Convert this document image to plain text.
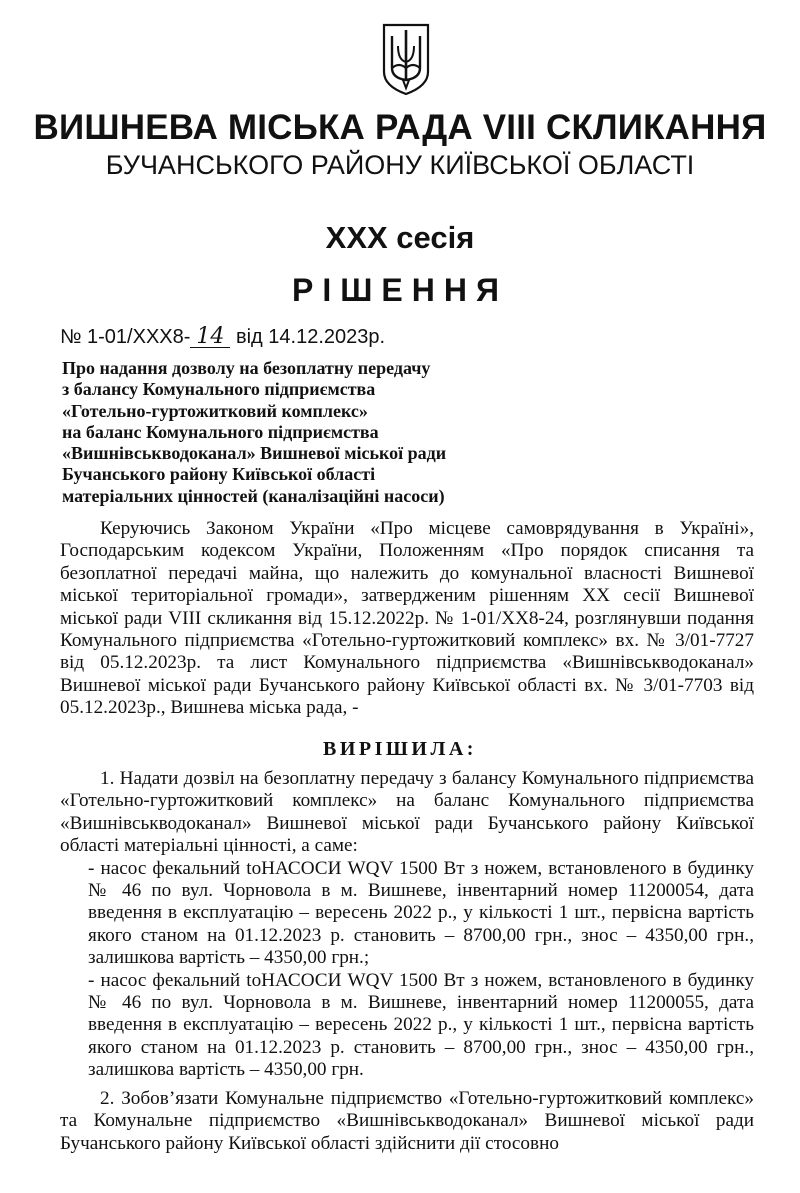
ВИШНЕВА МІСЬКА РАДА VIII СКЛИКАННЯ
БУЧАНСЬКОГО РАЙОНУ КИЇВСЬКОЇ ОБЛАСТІ
XXX сесія
РІШЕННЯ
№ 1-01/XXX8- 14 від 14.12.2023р.
Про надання дозволу на безоплатну передачу
з балансу Комунального підприємства
«Готельно-гуртожитковий комплекс»
на баланс Комунального підприємства
«Вишнівськводоканал» Вишневої міської ради
Бучанського району Київської області
матеріальних цінностей (каналізаційні насоси)

Керуючись Законом України «Про місцеве самоврядування в Україні», Господарським кодексом України, Положенням «Про порядок списання та безоплатної передачі майна, що належить до комунальної власності Вишневої міської територіальної громади», затвердженим рішенням XX сесії Вишневої міської ради VIII скликання від 15.12.2022р. № 1-01/XX8-24, розглянувши подання Комунального підприємства «Готельно-гуртожитковий комплекс» вх. № 3/01-7727 від 05.12.2023р. та лист Комунального підприємства «Вишнівськводоканал» Вишневої міської ради Бучанського району Київської області вх. № 3/01-7703 від 05.12.2023р., Вишнева міська рада, -

ВИРІШИЛА:

1. Надати дозвіл на безоплатну передачу з балансу Комунального підприємства «Готельно-гуртожитковий комплекс» на баланс Комунального підприємства «Вишнівськводоканал» Вишневої міської ради Бучанського району Київської області матеріальні цінності, а саме:

- насос фекальний toНАСОСИ WQV 1500 Вт з ножем, встановленого в будинку № 46 по вул. Чорновола в м. Вишневе, інвентарний номер 11200054, дата введення в експлуатацію – вересень 2022 р., у кількості 1 шт., первісна вартість якого станом на 01.12.2023 р. становить – 8700,00 грн., знос – 4350,00 грн., залишкова вартість – 4350,00 грн.;

- насос фекальний toНАСОСИ WQV 1500 Вт з ножем, встановленого в будинку № 46 по вул. Чорновола в м. Вишневе, інвентарний номер 11200055, дата введення в експлуатацію – вересень 2022 р., у кількості 1 шт., первісна вартість якого станом на 01.12.2023 р. становить – 8700,00 грн., знос – 4350,00 грн., залишкова вартість – 4350,00 грн.

2. Зобов’язати Комунальне підприємство «Готельно-гуртожитковий комплекс» та Комунальне підприємство «Вишнівськводоканал» Вишневої міської ради Бучанського району Київської області здійснити дії стосовно
